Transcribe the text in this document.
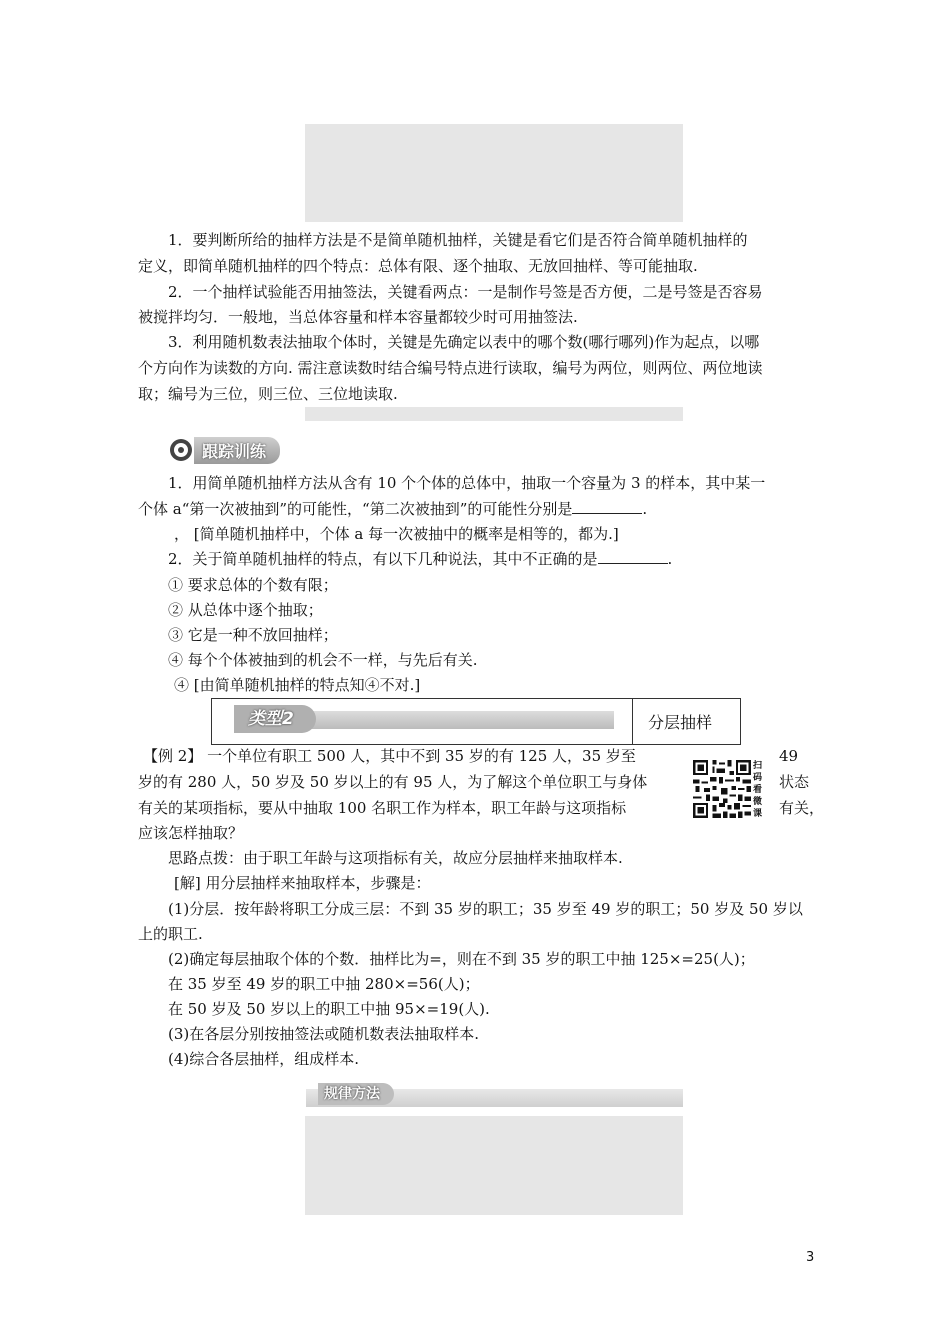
1．要判断所给的抽样方法是不是简单随机抽样，关键是看它们是否符合简单随机抽样的
定义，即简单随机抽样的四个特点：总体有限、逐个抽取、无放回抽样、等可能抽取.
2．一个抽样试验能否用抽签法，关键看两点：一是制作号签是否方便，二是号签是否容易
被搅拌均匀．一般地，当总体容量和样本容量都较少时可用抽签法.
3．利用随机数表法抽取个体时，关键是先确定以表中的哪个数(哪行哪列)作为起点，以哪
个方向作为读数的方向. 需注意读数时结合编号特点进行读取，编号为两位，则两位、两位地读
取；编号为三位，则三位、三位地读取.
跟踪训练
1．用简单随机抽样方法从含有 10 个个体的总体中，抽取一个容量为 3 的样本，其中某一
个体 a“第一次被抽到”的可能性，“第二次被抽到”的可能性分别是	.
， [简单随机抽样中，个体 a 每一次被抽中的概率是相等的，都为.]
2．关于简单随机抽样的特点，有以下几种说法，其中不正确的是	.
① 要求总体的个数有限；
② 从总体中逐个抽取；
③ 它是一种不放回抽样；
④ 每个个体被抽到的机会不一样，与先后有关.
④ [由简单随机抽样的特点知④不对.]
类型2	分层抽样
【例 2】 一个单位有职工 500 人，其中不到 35 岁的有 125 人，35 岁至	49
岁的有 280 人，50 岁及 50 岁以上的有 95 人，为了解这个单位职工与身体	状态
有关的某项指标，要从中抽取 100 名职工作为样本，职工年龄与这项指标	有关，
应该怎样抽取？
扫码看微课
思路点拨：由于职工年龄与这项指标有关，故应分层抽样来抽取样本.
[解] 用分层抽样来抽取样本，步骤是：
(1)分层．按年龄将职工分成三层：不到 35 岁的职工；35 岁至 49 岁的职工；50 岁及 50 岁以
上的职工.
(2)确定每层抽取个体的个数．抽样比为=，则在不到 35 岁的职工中抽 125×=25(人)；
在 35 岁至 49 岁的职工中抽 280×=56(人)；
在 50 岁及 50 岁以上的职工中抽 95×=19(人).
(3)在各层分别按抽签法或随机数表法抽取样本.
(4)综合各层抽样，组成样本.
规律方法
3
